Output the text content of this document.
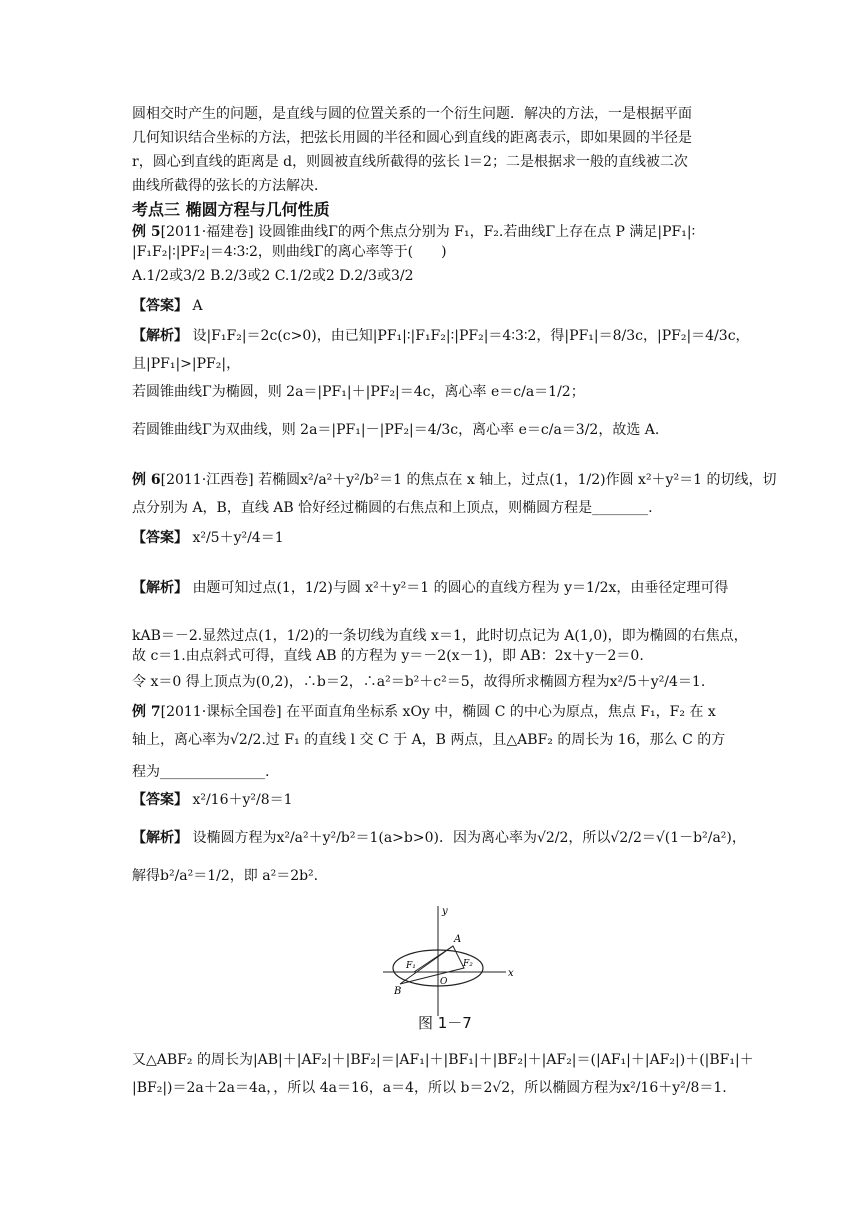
圆相交时产生的问题，是直线与圆的位置关系的一个衍生问题．解决的方法，一是根据平面
几何知识结合坐标的方法，把弦长用圆的半径和圆心到直线的距离表示，即如果圆的半径是
r，圆心到直线的距离是 d，则圆被直线所截得的弦长 l＝2；二是根据求一般的直线被二次
曲线所截得的弦长的方法解决．
考点三 椭圆方程与几何性质
例 5[2011·福建卷] 设圆锥曲线Γ的两个焦点分别为 F₁，F₂.若曲线Γ上存在点 P 满足|PF₁|∶
|F₁F₂|∶|PF₂|＝4∶3∶2，则曲线Γ的离心率等于(　　)
A.1/2或3/2 B.2/3或2 C.1/2或2 D.2/3或3/2
【答案】 A
【解析】 设|F₁F₂|＝2c(c>0)，由已知|PF₁|∶|F₁F₂|∶|PF₂|＝4∶3∶2，得|PF₁|＝8/3c，|PF₂|＝4/3c，
且|PF₁|>|PF₂|，
若圆锥曲线Γ为椭圆，则 2a＝|PF₁|＋|PF₂|＝4c，离心率 e＝c/a＝1/2；
若圆锥曲线Γ为双曲线，则 2a＝|PF₁|－|PF₂|＝4/3c，离心率 e＝c/a＝3/2，故选 A.
例 6[2011·江西卷] 若椭圆x²/a²＋y²/b²＝1 的焦点在 x 轴上，过点(1，1/2)作圆 x²＋y²＝1 的切线，切
点分别为 A，B，直线 AB 恰好经过椭圆的右焦点和上顶点，则椭圆方程是________.
【答案】 x²/5＋y²/4＝1
【解析】 由题可知过点(1，1/2)与圆 x²＋y²＝1 的圆心的直线方程为 y＝1/2x，由垂径定理可得
kAB＝－2.显然过点(1，1/2)的一条切线为直线 x＝1，此时切点记为 A(1,0)，即为椭圆的右焦点，
故 c＝1.由点斜式可得，直线 AB 的方程为 y＝－2(x－1)，即 AB：2x＋y－2＝0.
令 x＝0 得上顶点为(0,2)，∴b＝2，∴a²＝b²＋c²＝5，故得所求椭圆方程为x²/5＋y²/4＝1.
例 7[2011·课标全国卷] 在平面直角坐标系 xOy 中，椭圆 C 的中心为原点，焦点 F₁，F₂ 在 x
轴上，离心率为√2/2.过 F₁ 的直线 l 交 C 于 A，B 两点，且△ABF₂ 的周长为 16，那么 C 的方
程为_______________.
【答案】 x²/16＋y²/8＝1
【解析】 设椭圆方程为x²/a²＋y²/b²＝1(a>b>0)．因为离心率为√2/2，所以√2/2＝√(1－b²/a²)，
解得b²/a²＝1/2，即 a²＝2b².
y
x
A
B
F₁	F₂
O
图 1－7
又△ABF₂ 的周长为|AB|＋|AF₂|＋|BF₂|＝|AF₁|＋|BF₁|＋|BF₂|＋|AF₂|＝(|AF₁|＋|AF₂|)＋(|BF₁|＋
|BF₂|)＝2a＋2a＝4a，，所以 4a＝16，a＝4，所以 b＝2√2，所以椭圆方程为x²/16＋y²/8＝1.
